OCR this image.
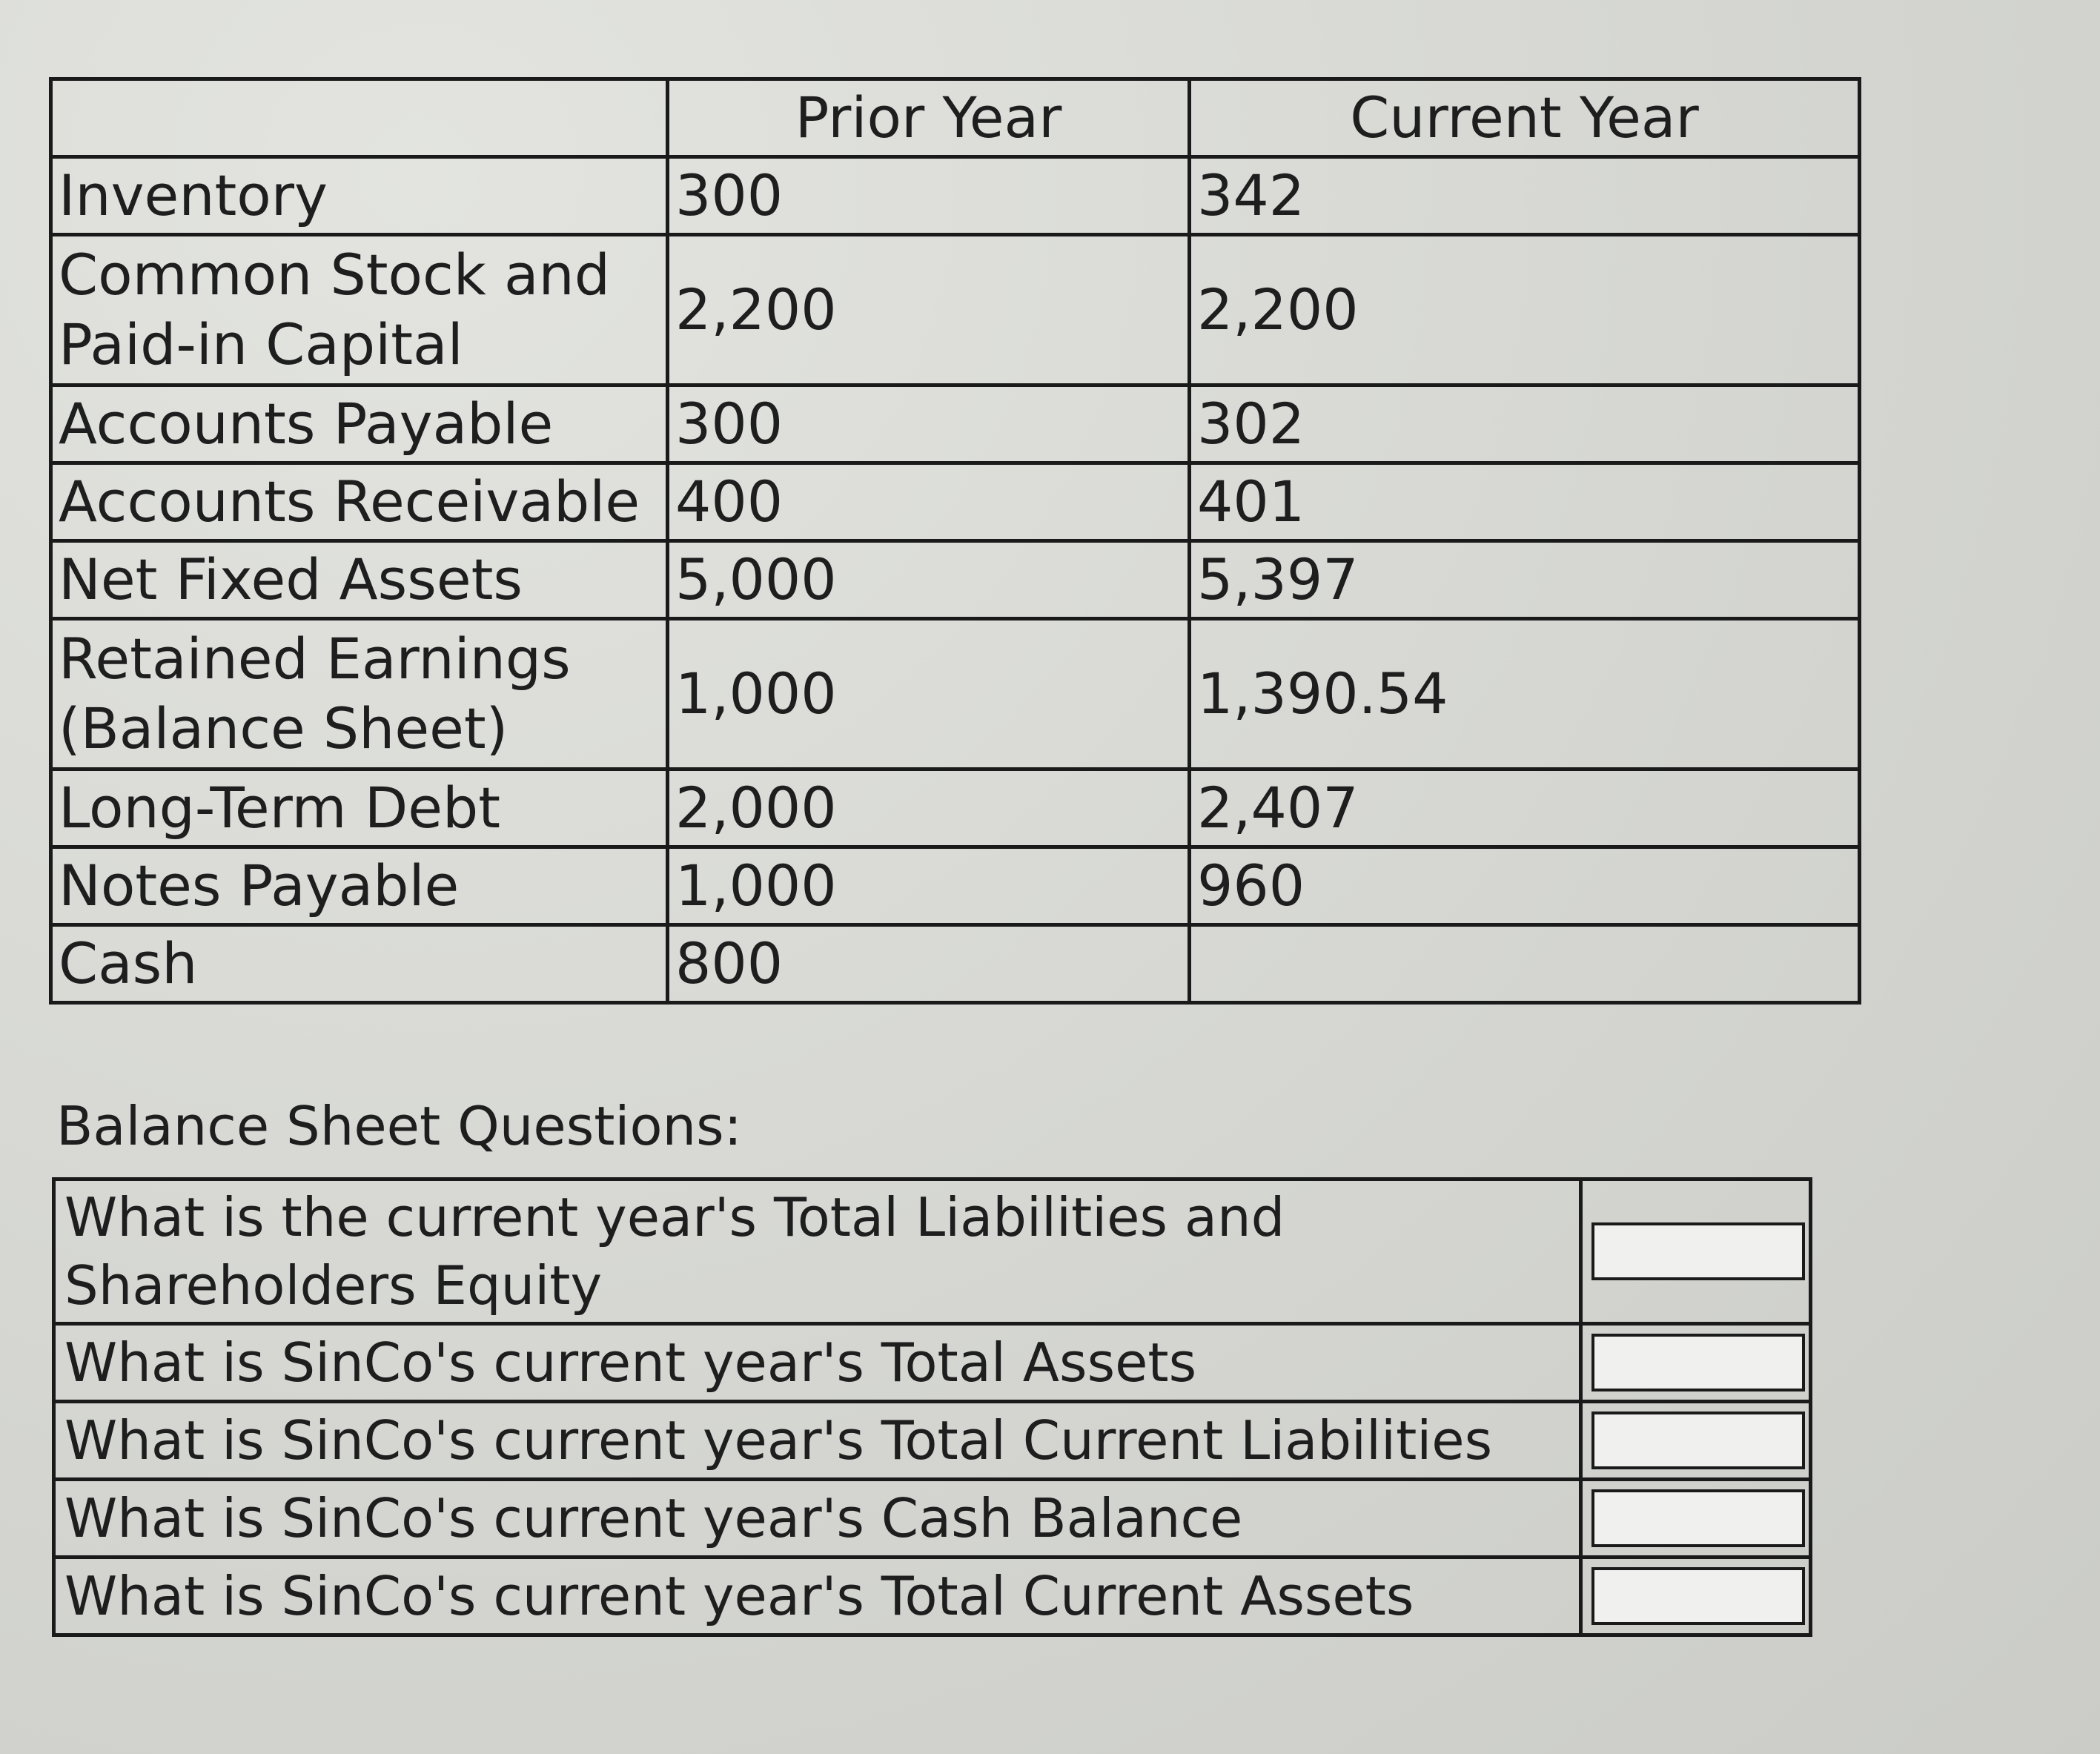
	Prior Year	Current Year
Inventory	300	342
Common Stock and Paid-in Capital	2,200	2,200
Accounts Payable	300	302
Accounts Receivable	400	401
Net Fixed Assets	5,000	5,397
Retained Earnings (Balance Sheet)	1,000	1,390.54
Long-Term Debt	2,000	2,407
Notes Payable	1,000	960
Cash	800	
Balance Sheet Questions:
What is the current year's Total Liabilities and Shareholders Equity	

What is SinCo's current year's Total Assets	

What is SinCo's current year's Total Current Liabilities	

What is SinCo's current year's Cash Balance	

What is SinCo's current year's Total Current Assets	
